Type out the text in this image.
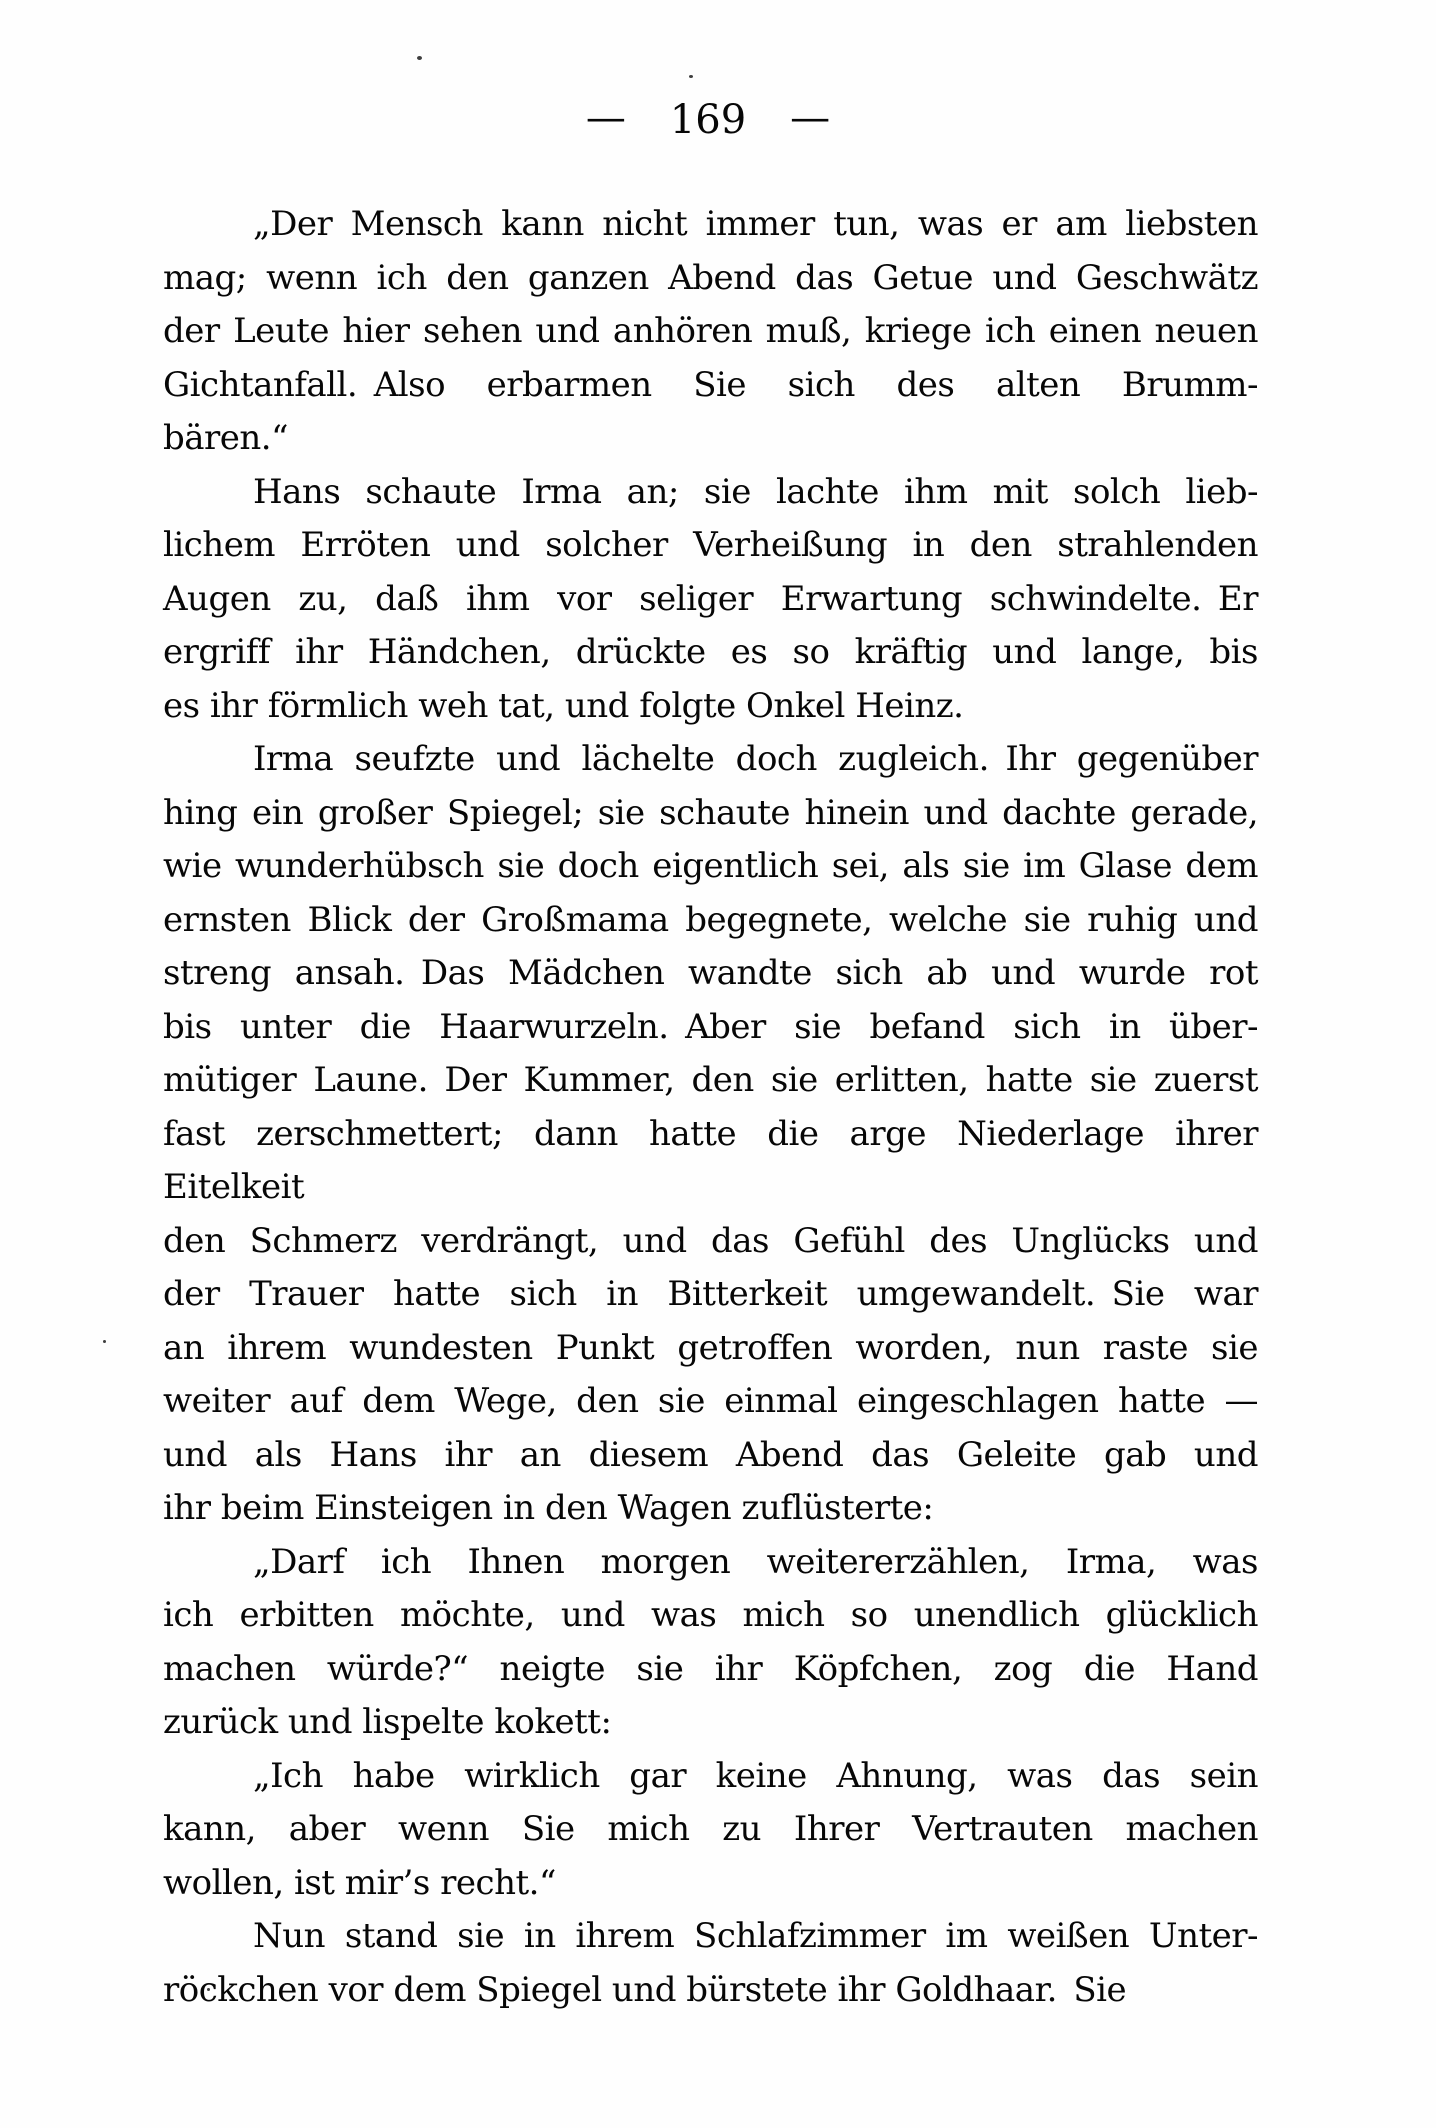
— 169 —
„Der Mensch kann nicht immer tun, was er am liebsten
mag; wenn ich den ganzen Abend das Getue und Geschwätz
der Leute hier sehen und anhören muß, kriege ich einen neuen
Gichtanfall. Also erbarmen Sie sich des alten Brumm-
bären.“
Hans schaute Irma an; sie lachte ihm mit solch lieb-
lichem Erröten und solcher Verheißung in den strahlenden
Augen zu, daß ihm vor seliger Erwartung schwindelte. Er
ergriff ihr Händchen, drückte es so kräftig und lange, bis
es ihr förmlich weh tat, und folgte Onkel Heinz.
Irma seufzte und lächelte doch zugleich. Ihr gegenüber
hing ein großer Spiegel; sie schaute hinein und dachte gerade,
wie wunderhübsch sie doch eigentlich sei, als sie im Glase dem
ernsten Blick der Großmama begegnete, welche sie ruhig und
streng ansah. Das Mädchen wandte sich ab und wurde rot
bis unter die Haarwurzeln. Aber sie befand sich in über-
mütiger Laune. Der Kummer, den sie erlitten, hatte sie zuerst
fast zerschmettert; dann hatte die arge Niederlage ihrer Eitelkeit
den Schmerz verdrängt, und das Gefühl des Unglücks und
der Trauer hatte sich in Bitterkeit umgewandelt. Sie war
an ihrem wundesten Punkt getroffen worden, nun raste sie
weiter auf dem Wege, den sie einmal eingeschlagen hatte —
und als Hans ihr an diesem Abend das Geleite gab und
ihr beim Einsteigen in den Wagen zuflüsterte:
„Darf ich Ihnen morgen weitererzählen, Irma, was
ich erbitten möchte, und was mich so unendlich glücklich
machen würde?“ neigte sie ihr Köpfchen, zog die Hand
zurück und lispelte kokett:
„Ich habe wirklich gar keine Ahnung, was das sein
kann, aber wenn Sie mich zu Ihrer Vertrauten machen
wollen, ist mir’s recht.“
Nun stand sie in ihrem Schlafzimmer im weißen Unter-
röckchen vor dem Spiegel und bürstete ihr Goldhaar. Sie
